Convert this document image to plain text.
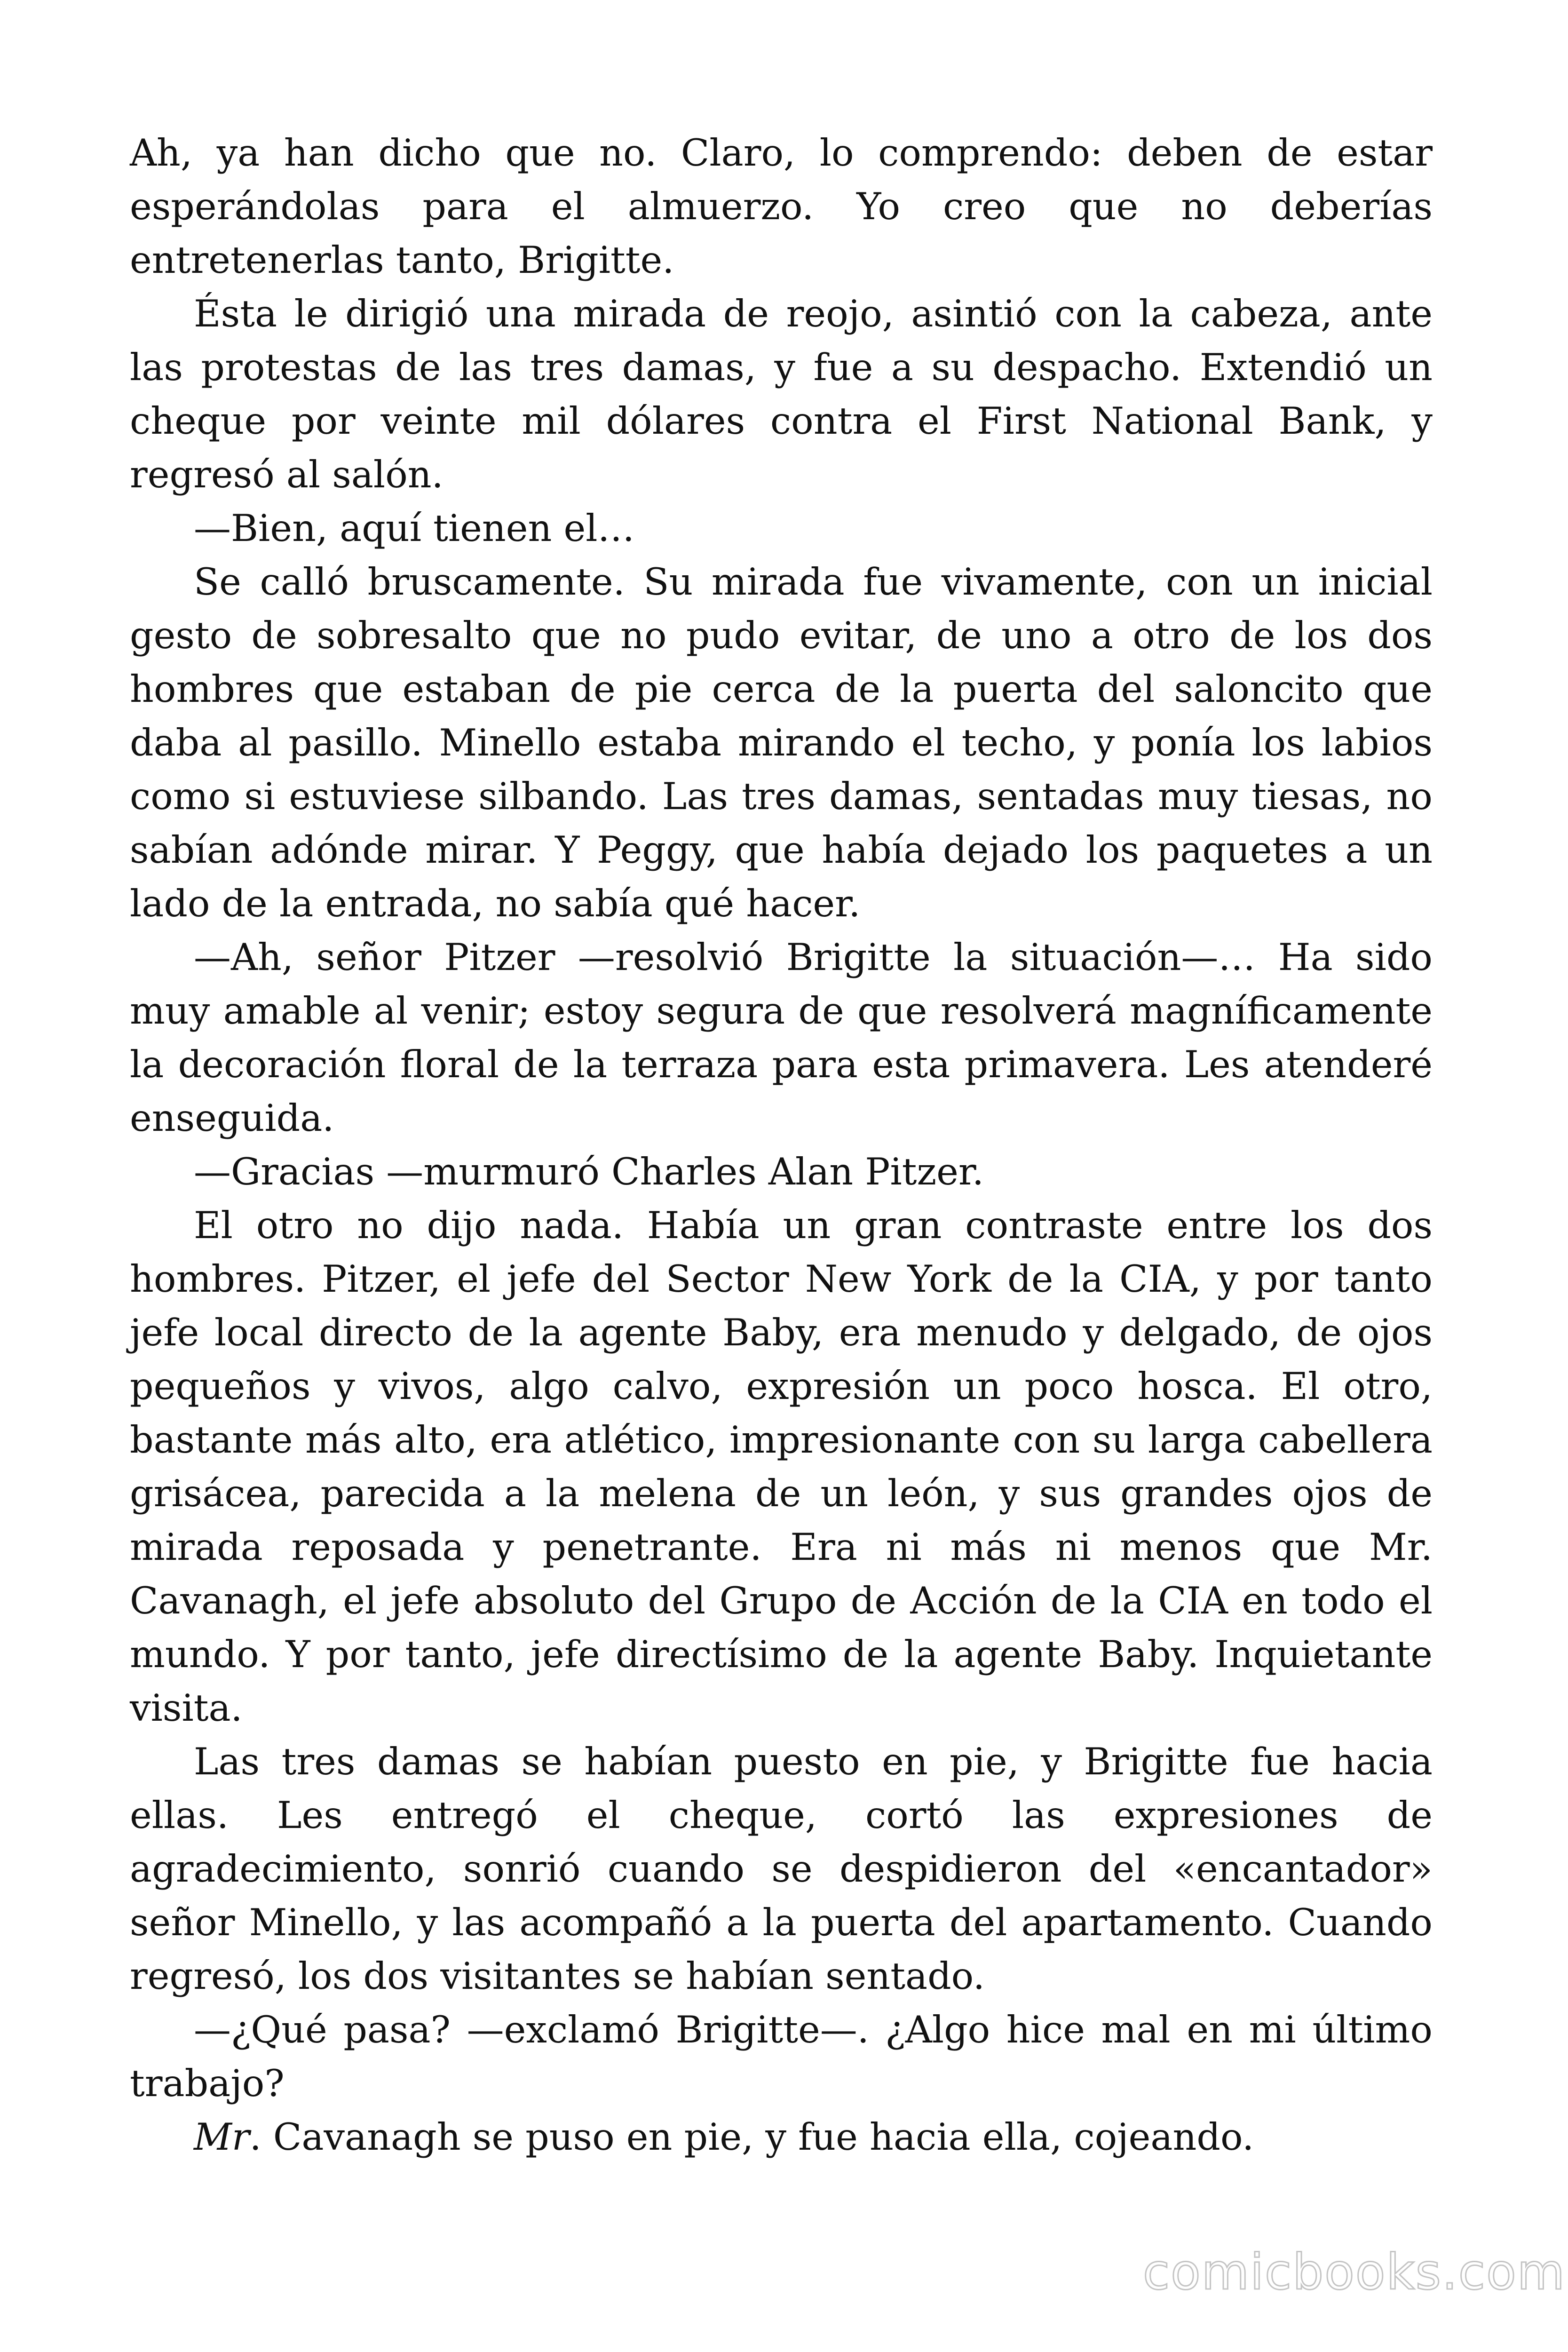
Ah, ya han dicho que no. Claro, lo comprendo: deben de estar esperándolas para el almuerzo. Yo creo que no deberías entretenerlas tanto, Brigitte.

Ésta le dirigió una mirada de reojo, asintió con la cabeza, ante las protestas de las tres damas, y fue a su despacho. Extendió un cheque por veinte mil dólares contra el First National Bank, y regresó al salón.

—Bien, aquí tienen el…

Se calló bruscamente. Su mirada fue vivamente, con un inicial gesto de sobresalto que no pudo evitar, de uno a otro de los dos hombres que estaban de pie cerca de la puerta del saloncito que daba al pasillo. Minello estaba mirando el techo, y ponía los labios como si estuviese silbando. Las tres damas, sentadas muy tiesas, no sabían adónde mirar. Y Peggy, que había dejado los paquetes a un lado de la entrada, no sabía qué hacer.

—Ah, señor Pitzer —resolvió Brigitte la situación—… Ha sido muy amable al venir; estoy segura de que resolverá magníficamente la decoración floral de la terraza para esta primavera. Les atenderé enseguida.

—Gracias —murmuró Charles Alan Pitzer.

El otro no dijo nada. Había un gran contraste entre los dos hombres. Pitzer, el jefe del Sector New York de la CIA, y por tanto jefe local directo de la agente Baby, era menudo y delgado, de ojos pequeños y vivos, algo calvo, expresión un poco hosca. El otro, bastante más alto, era atlético, impresionante con su larga cabellera grisácea, parecida a la melena de un león, y sus grandes ojos de mirada reposada y penetrante. Era ni más ni menos que Mr. Cavanagh, el jefe absoluto del Grupo de Acción de la CIA en todo el mundo. Y por tanto, jefe directísimo de la agente Baby. Inquietante visita.

Las tres damas se habían puesto en pie, y Brigitte fue hacia ellas. Les entregó el cheque, cortó las expresiones de agradecimiento, sonrió cuando se despidieron del «encantador» señor Minello, y las acompañó a la puerta del apartamento. Cuando regresó, los dos visitantes se habían sentado.

—¿Qué pasa? —exclamó Brigitte—. ¿Algo hice mal en mi último trabajo?

Mr. Cavanagh se puso en pie, y fue hacia ella, cojeando.

comicbooks.com
